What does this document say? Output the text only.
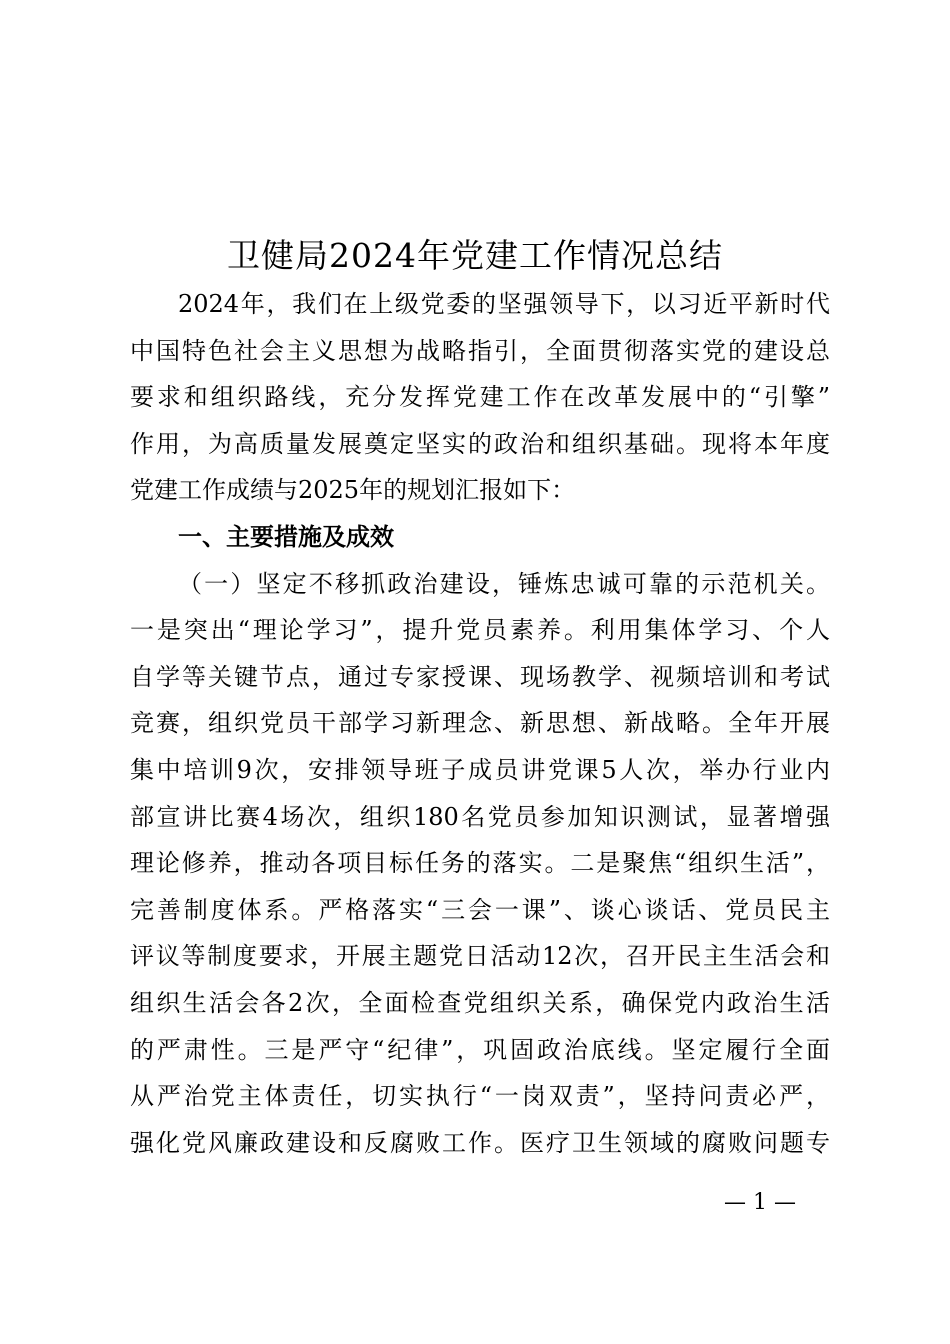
卫健局2024年党建工作情况总结
2024年，我们在上级党委的坚强领导下，以习近平新时代
中国特色社会主义思想为战略指引，全面贯彻落实党的建设总
要求和组织路线，充分发挥党建工作在改革发展中的“引擎”
作用，为高质量发展奠定坚实的政治和组织基础。现将本年度
党建工作成绩与2025年的规划汇报如下：
一、主要措施及成效
（一）坚定不移抓政治建设，锤炼忠诚可靠的示范机关。
一是突出“理论学习”，提升党员素养。利用集体学习、个人
自学等关键节点，通过专家授课、现场教学、视频培训和考试
竞赛，组织党员干部学习新理念、新思想、新战略。全年开展
集中培训9次，安排领导班子成员讲党课5人次，举办行业内
部宣讲比赛4场次，组织180名党员参加知识测试，显著增强
理论修养，推动各项目标任务的落实。二是聚焦“组织生活”，
完善制度体系。严格落实“三会一课”、谈心谈话、党员民主
评议等制度要求，开展主题党日活动12次，召开民主生活会和
组织生活会各2次，全面检查党组织关系，确保党内政治生活
的严肃性。三是严守“纪律”，巩固政治底线。坚定履行全面
从严治党主体责任，切实执行“一岗双责”，坚持问责必严，
强化党风廉政建设和反腐败工作。医疗卫生领域的腐败问题专
— 1 —
